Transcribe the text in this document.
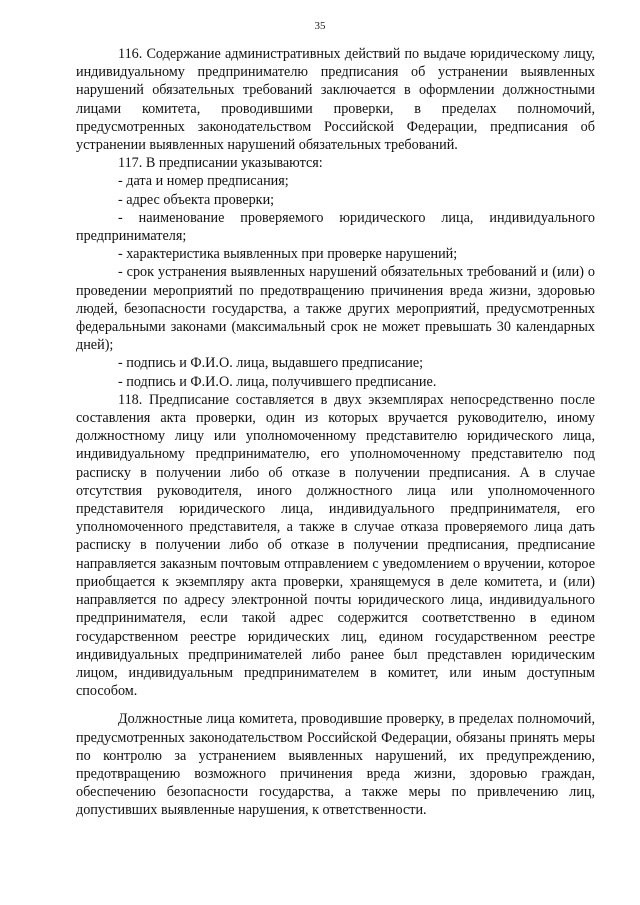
35

116. Содержание административных действий по выдаче юридическому лицу, индивидуальному предпринимателю предписания об устранении выявленных нарушений обязательных требований заключается в оформлении должностными лицами комитета, проводившими проверки, в пределах полномочий, предусмотренных законодательством Российской Федерации, предписания об устранении выявленных нарушений обязательных требований.

117. В предписании указываются:

- дата и номер предписания;

- адрес объекта проверки;

- наименование проверяемого юридического лица, индивидуального предпринимателя;

- характеристика выявленных при проверке нарушений;

- срок устранения выявленных нарушений обязательных требований и (или) о проведении мероприятий по предотвращению причинения вреда жизни, здоровью людей, безопасности государства, а также других мероприятий, предусмотренных федеральными законами (максимальный срок не может превышать 30 календарных дней);

- подпись и Ф.И.О. лица, выдавшего предписание;

- подпись и Ф.И.О. лица, получившего предписание.

118. Предписание составляется в двух экземплярах непосредственно после составления акта проверки, один из которых вручается руководителю, иному должностному лицу или уполномоченному представителю юридического лица, индивидуальному предпринимателю, его уполномоченному представителю под расписку в получении либо об отказе в получении предписания. А в случае отсутствия руководителя, иного должностного лица или уполномоченного представителя юридического лица, индивидуального предпринимателя, его уполномоченного представителя, а также в случае отказа проверяемого лица дать расписку в получении либо об отказе в получении предписания, предписание направляется заказным почтовым отправлением с уведомлением о вручении, которое приобщается к экземпляру акта проверки, хранящемуся в деле комитета, и (или) направляется по адресу электронной почты юридического лица, индивидуального предпринимателя, если такой адрес содержится соответственно в едином государственном реестре юридических лиц, едином государственном реестре индивидуальных предпринимателей либо ранее был представлен юридическим лицом, индивидуальным предпринимателем в комитет, или иным доступным способом.

Должностные лица комитета, проводившие проверку, в пределах полномочий, предусмотренных законодательством Российской Федерации, обязаны принять меры по контролю за устранением выявленных нарушений, их предупреждению, предотвращению возможного причинения вреда жизни, здоровью граждан, обеспечению безопасности государства, а также меры по привлечению лиц, допустивших выявленные нарушения, к ответственности.
